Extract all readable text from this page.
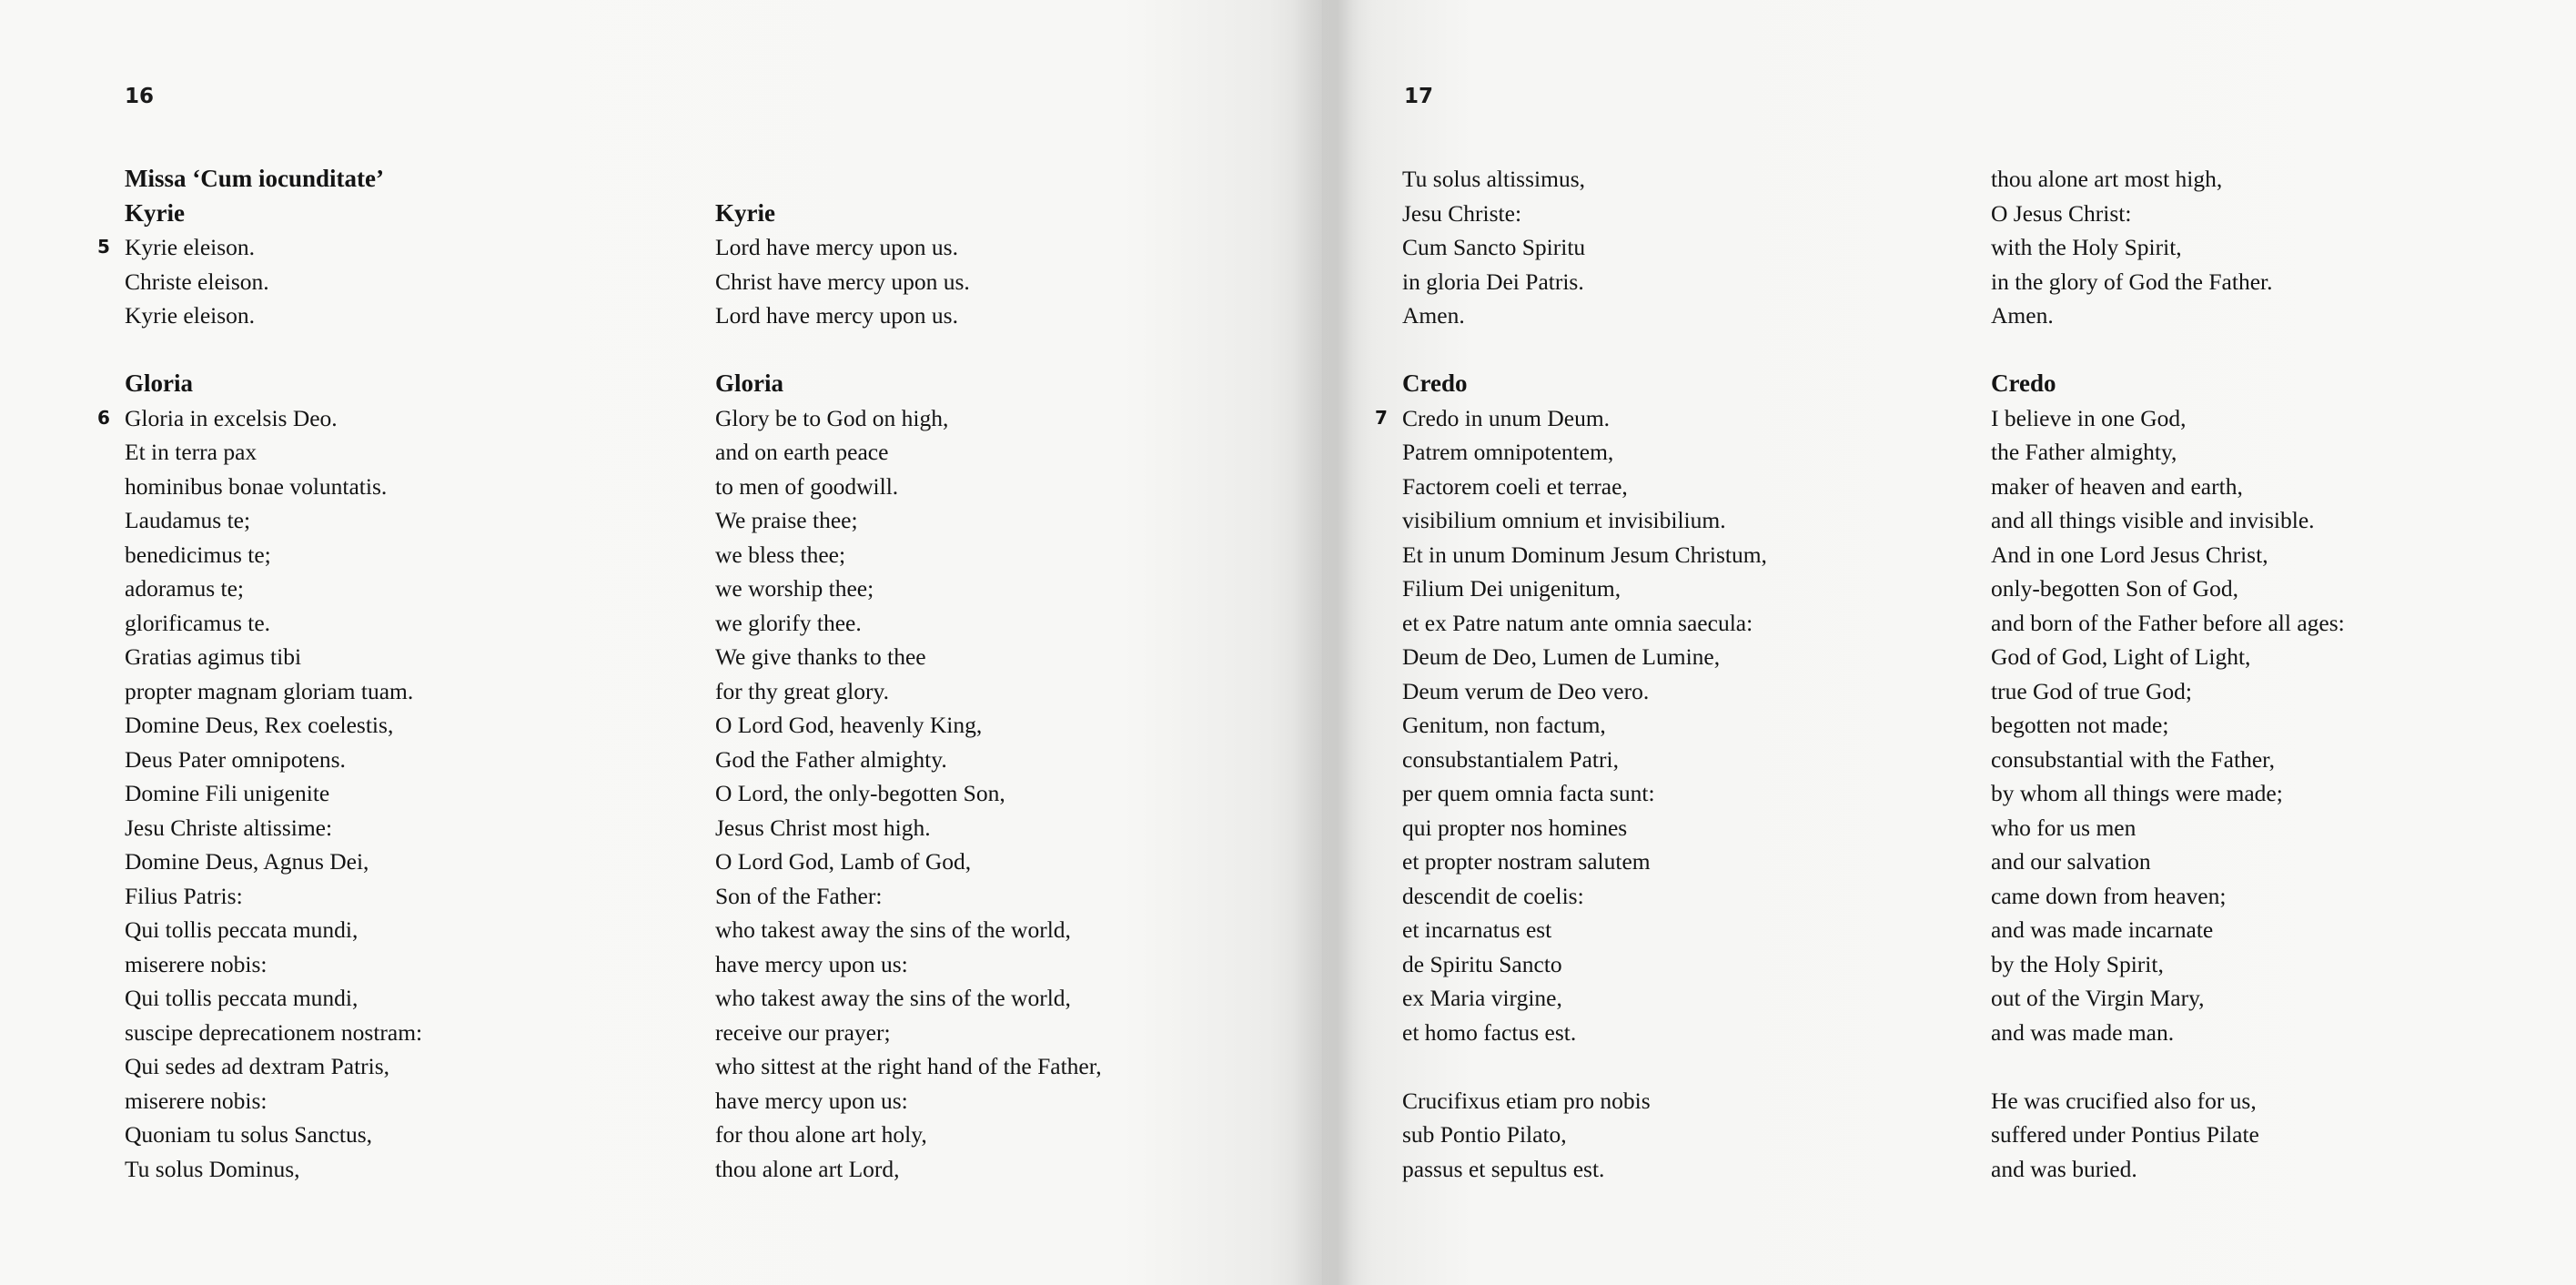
16
Missa ‘Cum iocunditate’
Kyrie
Kyrie eleison.
5
Christe eleison.
Kyrie eleison.
Gloria
Gloria in excelsis Deo.
6
Et in terra pax
hominibus bonae voluntatis.
Laudamus te;
benedicimus te;
adoramus te;
glorificamus te.
Gratias agimus tibi
propter magnam gloriam tuam.
Domine Deus, Rex coelestis,
Deus Pater omnipotens.
Domine Fili unigenite
Jesu Christe altissime:
Domine Deus, Agnus Dei,
Filius Patris:
Qui tollis peccata mundi,
miserere nobis:
Qui tollis peccata mundi,
suscipe deprecationem nostram:
Qui sedes ad dextram Patris,
miserere nobis:
Quoniam tu solus Sanctus,
Tu solus Dominus,
Kyrie
Lord have mercy upon us.
Christ have mercy upon us.
Lord have mercy upon us.
Gloria
Glory be to God on high,
and on earth peace
to men of goodwill.
We praise thee;
we bless thee;
we worship thee;
we glorify thee.
We give thanks to thee
for thy great glory.
O Lord God, heavenly King,
God the Father almighty.
O Lord, the only-begotten Son,
Jesus Christ most high.
O Lord God, Lamb of God,
Son of the Father:
who takest away the sins of the world,
have mercy upon us:
who takest away the sins of the world,
receive our prayer;
who sittest at the right hand of the Father,
have mercy upon us:
for thou alone art holy,
thou alone art Lord,
17
Tu solus altissimus,
Jesu Christe:
Cum Sancto Spiritu
in gloria Dei Patris.
Amen.
Credo
Credo in unum Deum.
7
Patrem omnipotentem,
Factorem coeli et terrae,
visibilium omnium et invisibilium.
Et in unum Dominum Jesum Christum,
Filium Dei unigenitum,
et ex Patre natum ante omnia saecula:
Deum de Deo, Lumen de Lumine,
Deum verum de Deo vero.
Genitum, non factum,
consubstantialem Patri,
per quem omnia facta sunt:
qui propter nos homines
et propter nostram salutem
descendit de coelis:
et incarnatus est
de Spiritu Sancto
ex Maria virgine,
et homo factus est.
Crucifixus etiam pro nobis
sub Pontio Pilato,
passus et sepultus est.
thou alone art most high,
O Jesus Christ:
with the Holy Spirit,
in the glory of God the Father.
Amen.
Credo
I believe in one God,
the Father almighty,
maker of heaven and earth,
and all things visible and invisible.
And in one Lord Jesus Christ,
only-begotten Son of God,
and born of the Father before all ages:
God of God, Light of Light,
true God of true God;
begotten not made;
consubstantial with the Father,
by whom all things were made;
who for us men
and our salvation
came down from heaven;
and was made incarnate
by the Holy Spirit,
out of the Virgin Mary,
and was made man.
He was crucified also for us,
suffered under Pontius Pilate
and was buried.
